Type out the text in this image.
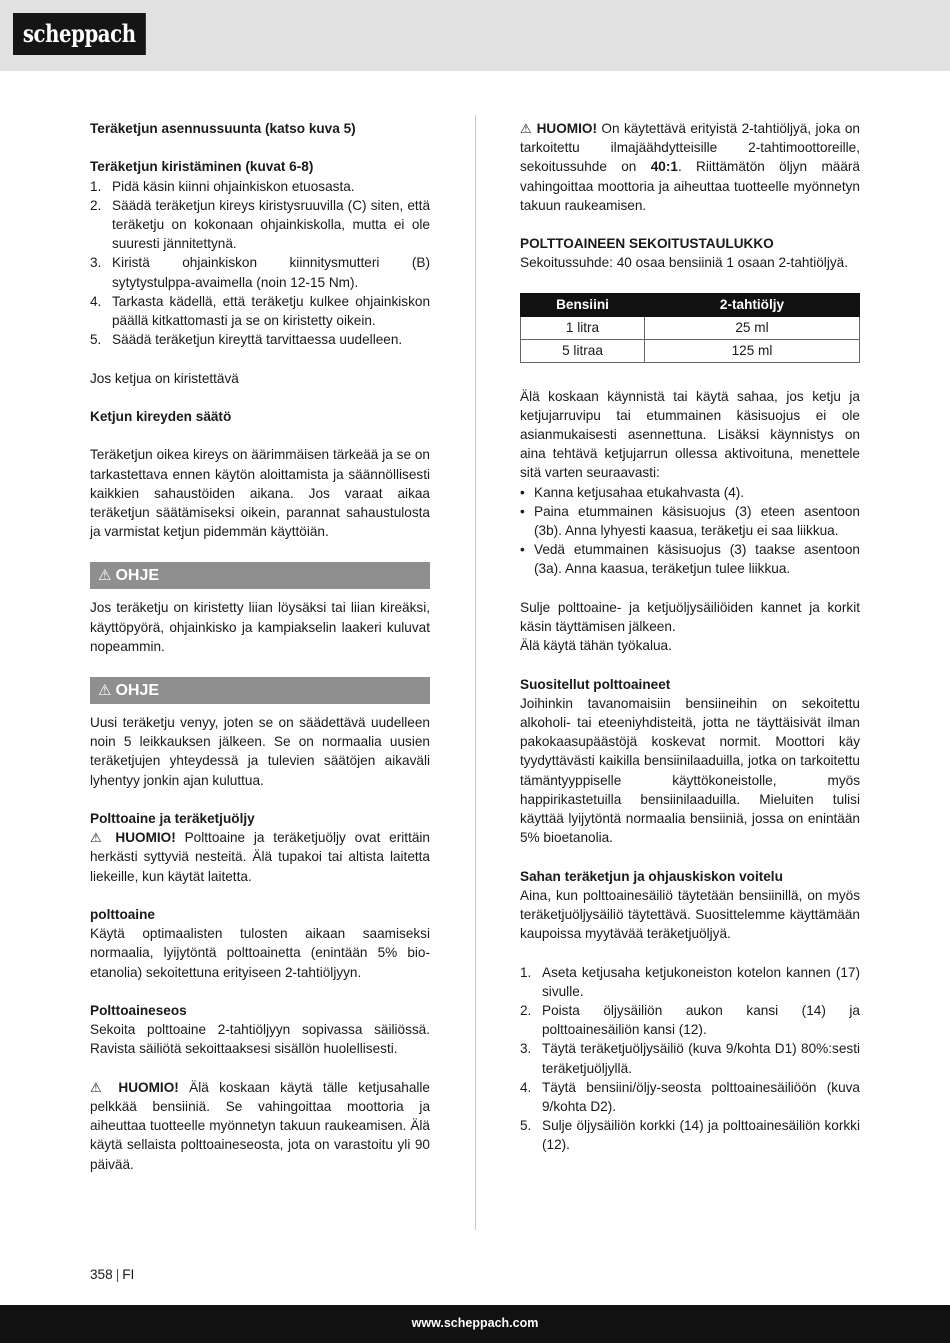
scheppach

Teräketjun asennussuunta (katso kuva 5)

Teräketjun kiristäminen (kuvat 6-8)

1. Pidä käsin kiinni ohjainkiskon etuosasta.
2. Säädä teräketjun kireys kiristysruuvilla (C) siten, että teräketju on kokonaan ohjainkiskolla, mutta ei ole suuresti jännitettynä.
3. Kiristä ohjainkiskon kiinnitysmutteri (B) sytytystulppa-avaimella (noin 12-15 Nm).
4. Tarkasta kädellä, että teräketju kulkee ohjainkiskon päällä kitkattomasti ja se on kiristetty oikein.
5. Säädä teräketjun kireyttä tarvittaessa uudelleen.

Jos ketjua on kiristettävä

Ketjun kireyden säätö

Teräketjun oikea kireys on äärimmäisen tärkeää ja se on tarkastettava ennen käytön aloittamista ja säännöllisesti kaikkien sahaustöiden aikana. Jos varaat aikaa teräketjun säätämiseksi oikein, parannat sahaustulosta ja varmistat ketjun pidemmän käyttöiän.

⚠ OHJE

Jos teräketju on kiristetty liian löysäksi tai liian kireäksi, käyttöpyörä, ohjainkisko ja kampiakselin laakeri kuluvat nopeammin.

⚠ OHJE

Uusi teräketju venyy, joten se on säädettävä uudelleen noin 5 leikkauksen jälkeen. Se on normaalia uusien teräketjujen yhteydessä ja tulevien säätöjen aikaväli lyhentyy jonkin ajan kuluttua.

Polttoaine ja teräketjuöljy

⚠ HUOMIO! Polttoaine ja teräketjuöljy ovat erittäin herkästi syttyviä nesteitä. Älä tupakoi tai altista laitetta liekeille, kun käytät laitetta.

polttoaine

Käytä optimaalisten tulosten aikaan saamiseksi normaalia, lyijytöntä polttoainetta (enintään 5% bio-etanolia) sekoitettuna erityiseen 2-tahtiöljyyn.

Polttoaineseos

Sekoita polttoaine 2-tahtiöljyyn sopivassa säiliössä. Ravista säiliötä sekoittaaksesi sisällön huolellisesti.

⚠ HUOMIO! Älä koskaan käytä tälle ketjusahalle pelkkää bensiiniä. Se vahingoittaa moottoria ja aiheuttaa tuotteelle myönnetyn takuun raukeamisen. Älä käytä sellaista polttoaineseosta, jota on varastoitu yli 90 päivää.

⚠ HUOMIO! On käytettävä erityistä 2-tahtiöljyä, joka on tarkoitettu ilmajäähdytteisille 2-tahtimoottoreille, sekoitussuhde on 40:1. Riittämätön öljyn määrä vahingoittaa moottoria ja aiheuttaa tuotteelle myönnetyn takuun raukeamisen.

POLTTOAINEEN SEKOITUSTAULUKKO

Sekoitussuhde: 40 osaa bensiiniä 1 osaan 2-tahtiöljyä.

Bensiini	2-tahtiöljy
1 litra	25 ml
5 litraa	125 ml

Älä koskaan käynnistä tai käytä sahaa, jos ketju ja ketjujarruvipu tai etummainen käsisuojus ei ole asianmukaisesti asennettuna. Lisäksi käynnistys on aina tehtävä ketjujarrun ollessa aktivoituna, menettele sitä varten seuraavasti:

• Kanna ketjusahaa etukahvasta (4).
• Paina etummainen käsisuojus (3) eteen asentoon (3b). Anna lyhyesti kaasua, teräketju ei saa liikkua.
• Vedä etummainen käsisuojus (3) taakse asentoon (3a). Anna kaasua, teräketjun tulee liikkua.

Sulje polttoaine- ja ketjuöljysäiliöiden kannet ja korkit käsin täyttämisen jälkeen.

Älä käytä tähän työkalua.

Suositellut polttoaineet

Joihinkin tavanomaisiin bensiineihin on sekoitettu alkoholi- tai eteeniyhdisteitä, jotta ne täyttäisivät ilman pakokaasupäästöjä koskevat normit. Moottori käy tyydyttävästi kaikilla bensiinilaaduilla, jotka on tarkoitettu tämäntyyppiselle käyttökoneistolle, myös happirikastetuilla bensiinilaaduilla. Mieluiten tulisi käyttää lyijytöntä normaalia bensiiniä, jossa on enintään 5% bioetanolia.

Sahan teräketjun ja ohjauskiskon voitelu

Aina, kun polttoainesäiliö täytetään bensiinillä, on myös teräketjuöljysäiliö täytettävä. Suosittelemme käyttämään kaupoissa myytävää teräketjuöljyä.

1. Aseta ketjusaha ketjukoneiston kotelon kannen (17) sivulle.
2. Poista öljysäiliön aukon kansi (14) ja polttoainesäiliön kansi (12).
3. Täytä teräketjuöljysäiliö (kuva 9/kohta D1) 80%:sesti teräketjuöljyllä.
4. Täytä bensiini/öljy-seosta polttoainesäiliöön (kuva 9/kohta D2).
5. Sulje öljysäiliön korkki (14) ja polttoainesäiliön korkki (12).
358 | FI
www.scheppach.com
